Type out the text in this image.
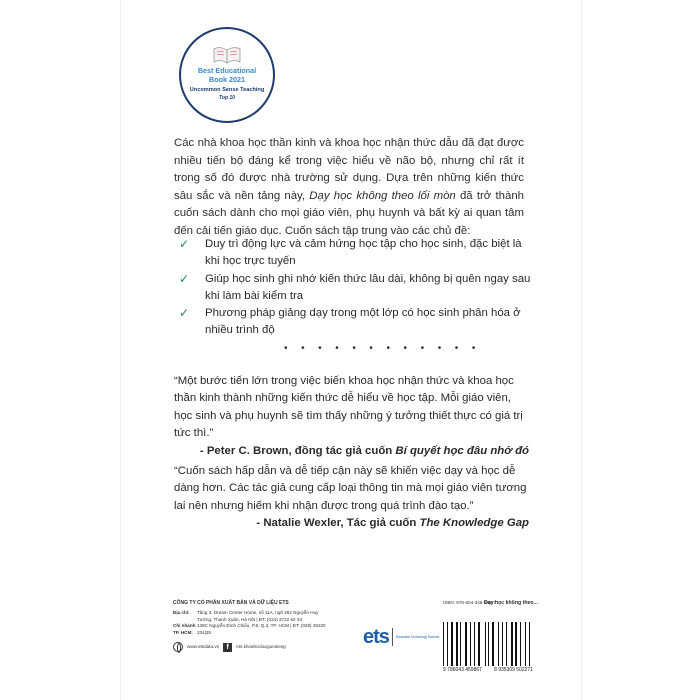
Best Educational
Book 2021
Uncommon Sense Teaching
Top 10
Các nhà khoa học thần kinh và khoa học nhận thức dẫu đã đạt được nhiều tiến bộ đáng kể trong việc hiểu về não bộ, nhưng chỉ rất ít trong số đó được nhà trường sử dụng. Dựa trên những kiến thức sâu sắc và nền tảng này, Dạy học không theo lối mòn đã trở thành cuốn sách dành cho mọi giáo viên, phụ huynh và bất kỳ ai quan tâm đến cải tiến giáo dục. Cuốn sách tập trung vào các chủ đề:
✓	Duy trì động lực và cảm hứng học tập cho học sinh, đặc biệt là khi học trực tuyến
✓	Giúp học sinh ghi nhớ kiến thức lâu dài, không bị quên ngay sau khi làm bài kiểm tra
✓	Phương pháp giảng dạy trong một lớp có học sinh phân hóa ở nhiều trình độ
• • • • • • • • • • • •
“Một bước tiến lớn trong việc biến khoa học nhận thức và khoa học thần kinh thành những kiến thức dễ hiểu về học tập. Mỗi giáo viên, học sinh và phụ huynh sẽ tìm thấy những ý tưởng thiết thực có giá trị tức thì.”
- Peter C. Brown, đồng tác giả cuốn Bí quyết học đâu nhớ đó
“Cuốn sách hấp dẫn và dễ tiếp cận này sẽ khiến việc dạy và học dễ dàng hơn. Các tác giả cung cấp loại thông tin mà mọi giáo viên tương lai nên nhưng hiếm khi nhận được trong quá trình đào tạo.”
- Natalie Wexler, Tác giả cuốn The Knowledge Gap
CÔNG TY CỔ PHẦN XUẤT BẢN VÀ DỮ LIỆU ETS
Địa chỉ:	Tầng 3, Dream Center Home, số 11A, ngõ 282 Nguyễn Huy Tưởng, Thanh Xuân, Hà Nội | ĐT: (024) 3722 62 34
Chi nhánh TP. HCM:
138C Nguyễn Đình Chiểu, P.6, Q.3, TP. HCM | ĐT: (028) 38220 334|35
www.etsdata.vn	f	ets.khoahoclanguoisong	ets Education Technology Science
ISBN: 978-604-345-986-7
Dạy học không theo...
9 786043 459867 8 935309 502271
